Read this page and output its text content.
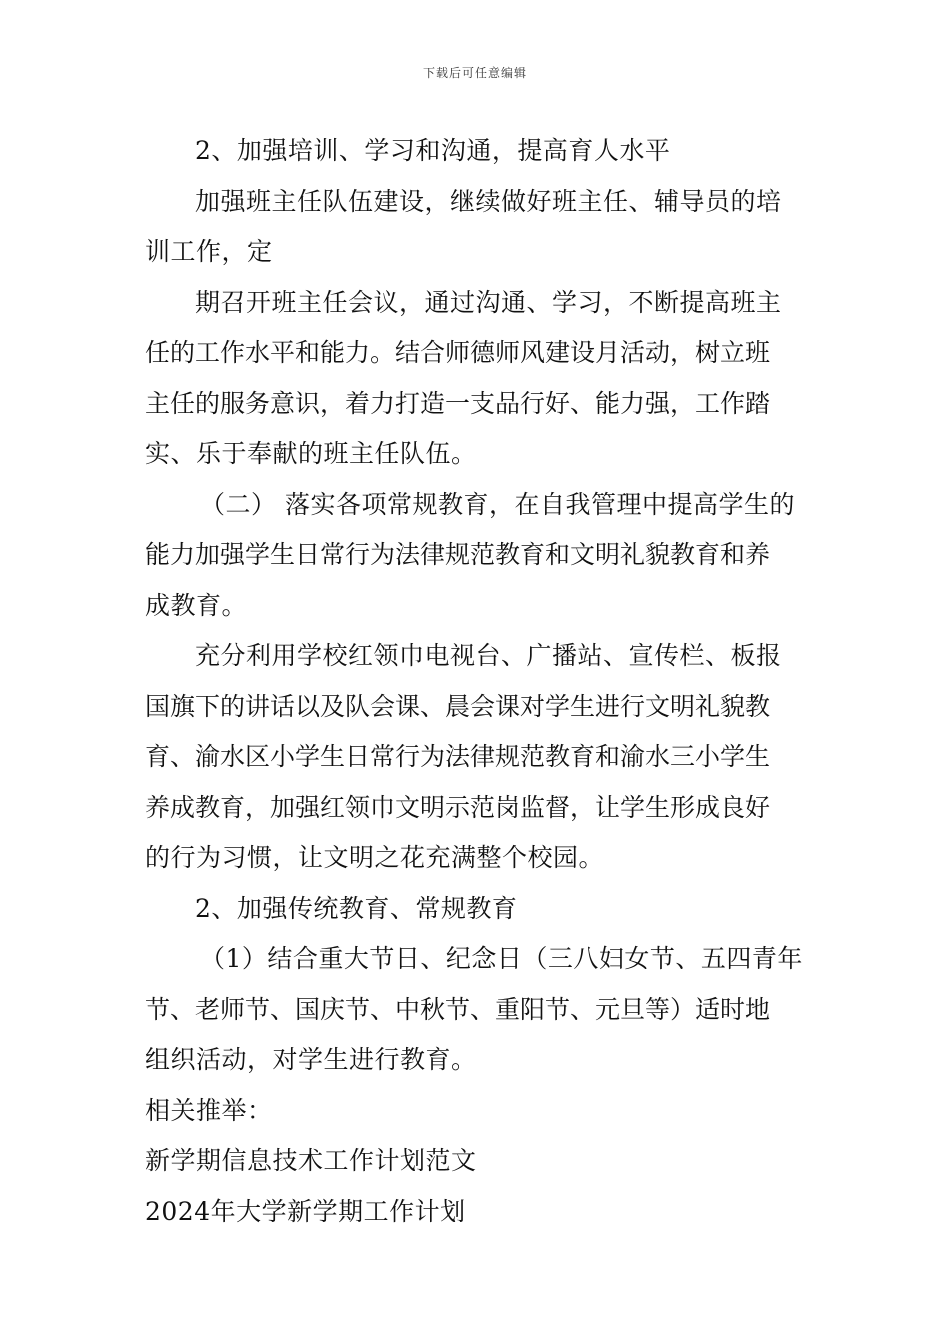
下载后可任意编辑
2、加强培训、学习和沟通，提高育人水平
加强班主任队伍建设，继续做好班主任、辅导员的培
训工作，定
期召开班主任会议，通过沟通、学习，不断提高班主
任的工作水平和能力。结合师德师风建设月活动，树立班
主任的服务意识，着力打造一支品行好、能力强，工作踏
实、乐于奉献的班主任队伍。
（二） 落实各项常规教育，在自我管理中提高学生的
能力加强学生日常行为法律规范教育和文明礼貌教育和养
成教育。
充分利用学校红领巾电视台、广播站、宣传栏、板报
国旗下的讲话以及队会课、晨会课对学生进行文明礼貌教
育、渝水区小学生日常行为法律规范教育和渝水三小学生
养成教育，加强红领巾文明示范岗监督，让学生形成良好
的行为习惯，让文明之花充满整个校园。
2、加强传统教育、常规教育
（1）结合重大节日、纪念日（三八妇女节、五四青年
节、老师节、国庆节、中秋节、重阳节、元旦等）适时地
组织活动，对学生进行教育。
相关推举：
新学期信息技术工作计划范文
2024年大学新学期工作计划
